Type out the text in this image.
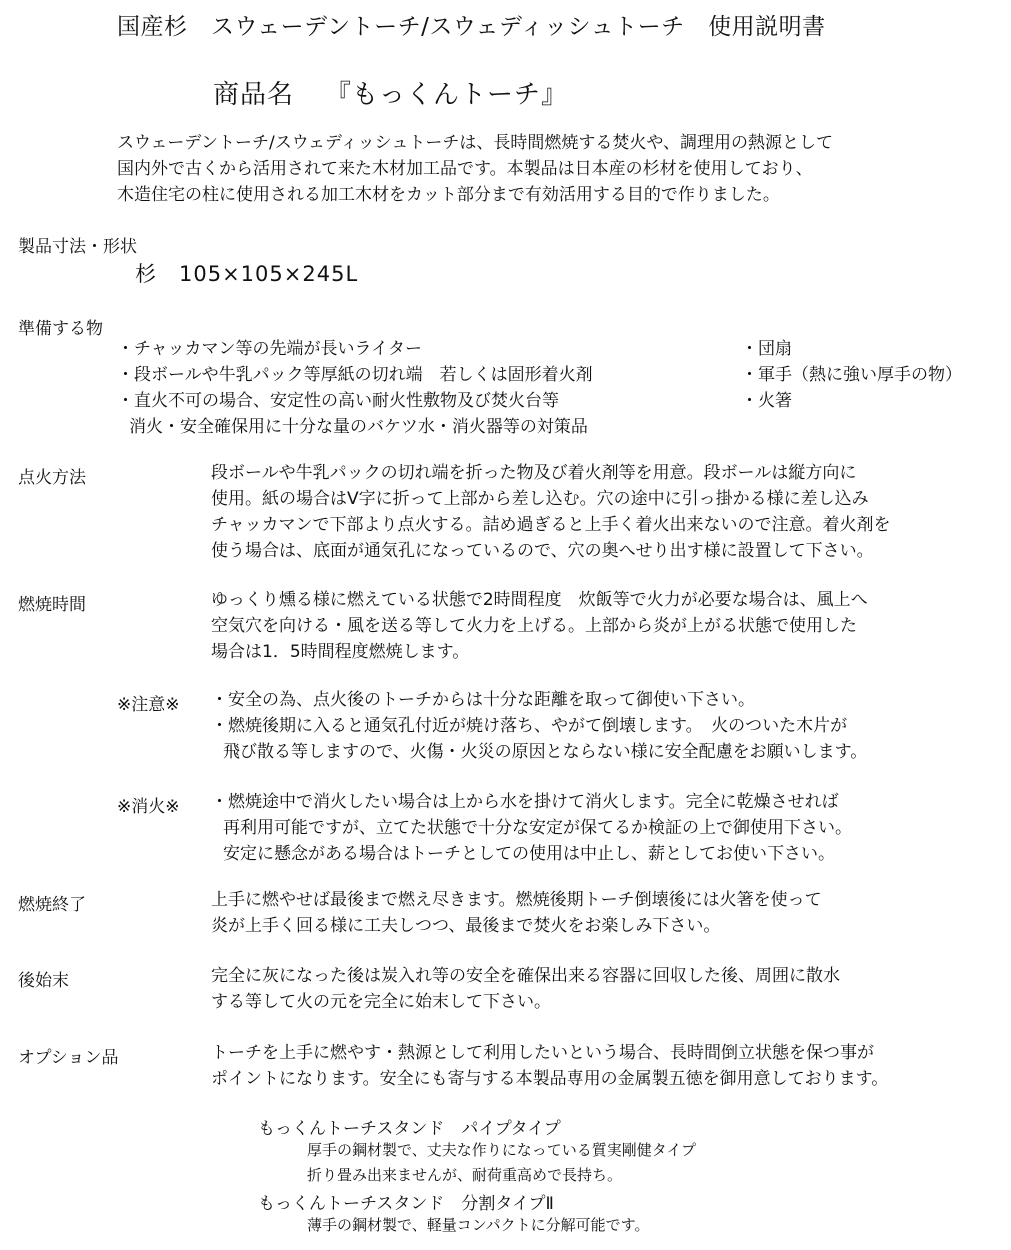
国産杉　スウェーデントーチ/スウェディッシュトーチ　使用説明書
商品名 『もっくんトーチ』
スウェーデントーチ/スウェディッシュトーチは、長時間燃焼する焚火や、調理用の熱源として
国内外で古くから活用されて来た木材加工品です。本製品は日本産の杉材を使用しており、
木造住宅の柱に使用される加工木材をカット部分まで有効活用する目的で作りました。
製品寸法・形状
杉　105×105×245L
準備する物
・チャッカマン等の先端が長いライター
・段ボールや牛乳パック等厚紙の切れ端　若しくは固形着火剤
・直火不可の場合、安定性の高い耐火性敷物及び焚火台等
消火・安全確保用に十分な量のバケツ水・消火器等の対策品
・団扇
・軍手（熱に強い厚手の物）
・火箸
点火方法	段ボールや牛乳パックの切れ端を折った物及び着火剤等を用意。段ボールは縦方向に
使用。紙の場合はV字に折って上部から差し込む。穴の途中に引っ掛かる様に差し込み
チャッカマンで下部より点火する。詰め過ぎると上手く着火出来ないので注意。着火剤を
使う場合は、底面が通気孔になっているので、穴の奥へせり出す様に設置して下さい。
燃焼時間	ゆっくり燻る様に燃えている状態で2時間程度　炊飯等で火力が必要な場合は、風上へ
空気穴を向ける・風を送る等して火力を上げる。上部から炎が上がる状態で使用した
場合は1．5時間程度燃焼します。
※注意※ ・安全の為、点火後のトーチからは十分な距離を取って御使い下さい。
・燃焼後期に入ると通気孔付近が焼け落ち、やがて倒壊します。　火のついた木片が
飛び散る等しますので、火傷・火災の原因とならない様に安全配慮をお願いします。
※消火※ ・燃焼途中で消火したい場合は上から水を掛けて消火します。完全に乾燥させれば
再利用可能ですが、立てた状態で十分な安定が保てるか検証の上で御使用下さい。
安定に懸念がある場合はトーチとしての使用は中止し、薪としてお使い下さい。
燃焼終了	上手に燃やせば最後まで燃え尽きます。燃焼後期トーチ倒壊後には火箸を使って
炎が上手く回る様に工夫しつつ、最後まで焚火をお楽しみ下さい。
後始末	完全に灰になった後は炭入れ等の安全を確保出来る容器に回収した後、周囲に散水
する等して火の元を完全に始末して下さい。
オプション品	トーチを上手に燃やす・熱源として利用したいという場合、長時間倒立状態を保つ事が
ポイントになります。安全にも寄与する本製品専用の金属製五徳を御用意しております。
もっくんトーチスタンド　パイプタイプ
厚手の鋼材製で、丈夫な作りになっている質実剛健タイプ
折り畳み出来ませんが、耐荷重高めで長持ち。
もっくんトーチスタンド　分割タイプⅡ
薄手の鋼材製で、軽量コンパクトに分解可能です。
